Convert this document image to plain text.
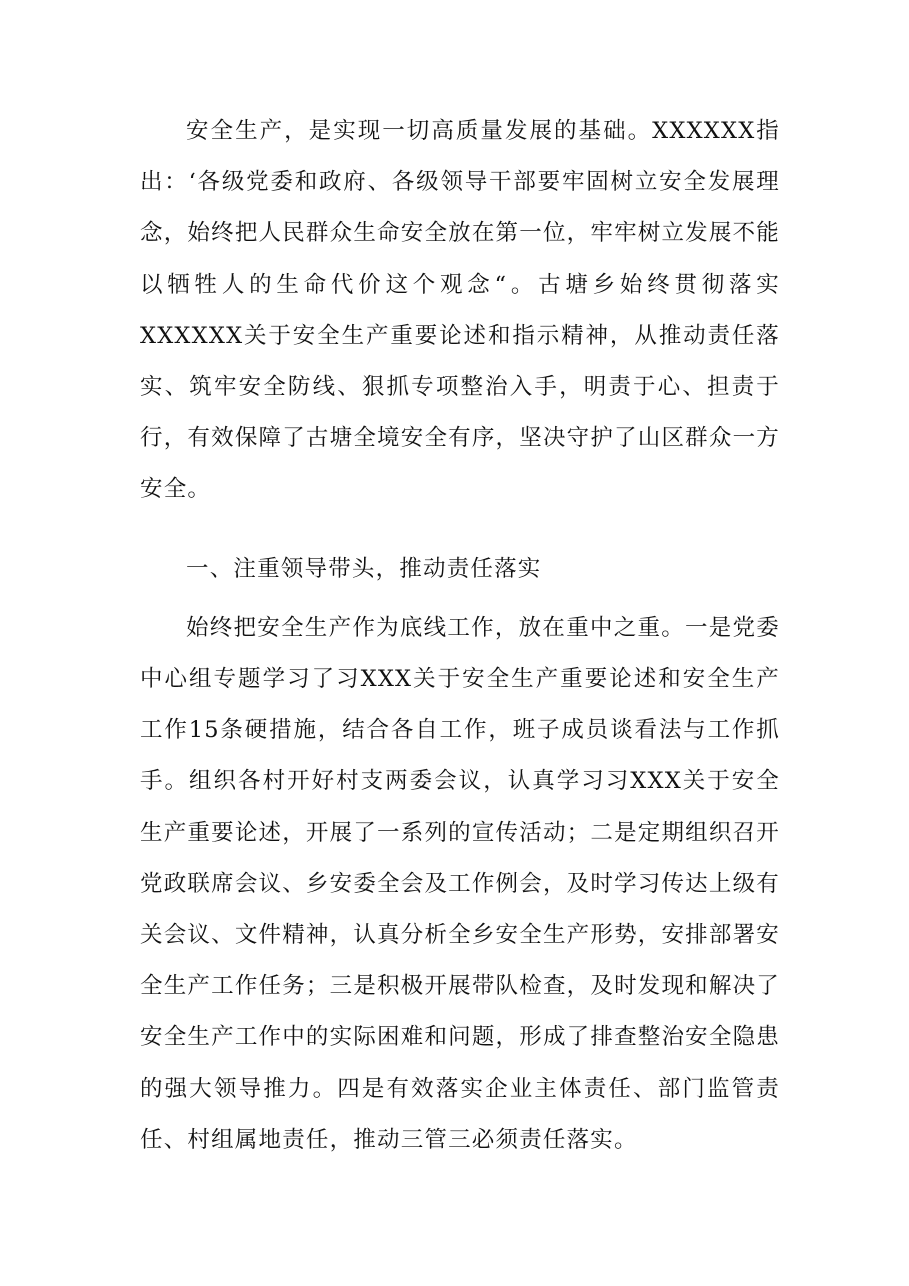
安全生产，是实现一切高质量发展的基础。XXXXXX指出：‘各级党委和政府、各级领导干部要牢固树立安全发展理念，始终把人民群众生命安全放在第一位，牢牢树立发展不能以牺牲人的生命代价这个观念“。古塘乡始终贯彻落实XXXXXX关于安全生产重要论述和指示精神，从推动责任落实、筑牢安全防线、狠抓专项整治入手，明责于心、担责于行，有效保障了古塘全境安全有序，坚决守护了山区群众一方安全。

一、注重领导带头，推动责任落实

始终把安全生产作为底线工作，放在重中之重。一是党委中心组专题学习了习XXX关于安全生产重要论述和安全生产工作15条硬措施，结合各自工作，班子成员谈看法与工作抓手。组织各村开好村支两委会议，认真学习习XXX关于安全生产重要论述，开展了一系列的宣传活动；二是定期组织召开党政联席会议、乡安委全会及工作例会，及时学习传达上级有关会议、文件精神，认真分析全乡安全生产形势，安排部署安全生产工作任务；三是积极开展带队检查，及时发现和解决了安全生产工作中的实际困难和问题，形成了排查整治安全隐患的强大领导推力。四是有效落实企业主体责任、部门监管责任、村组属地责任，推动三管三必须责任落实。
